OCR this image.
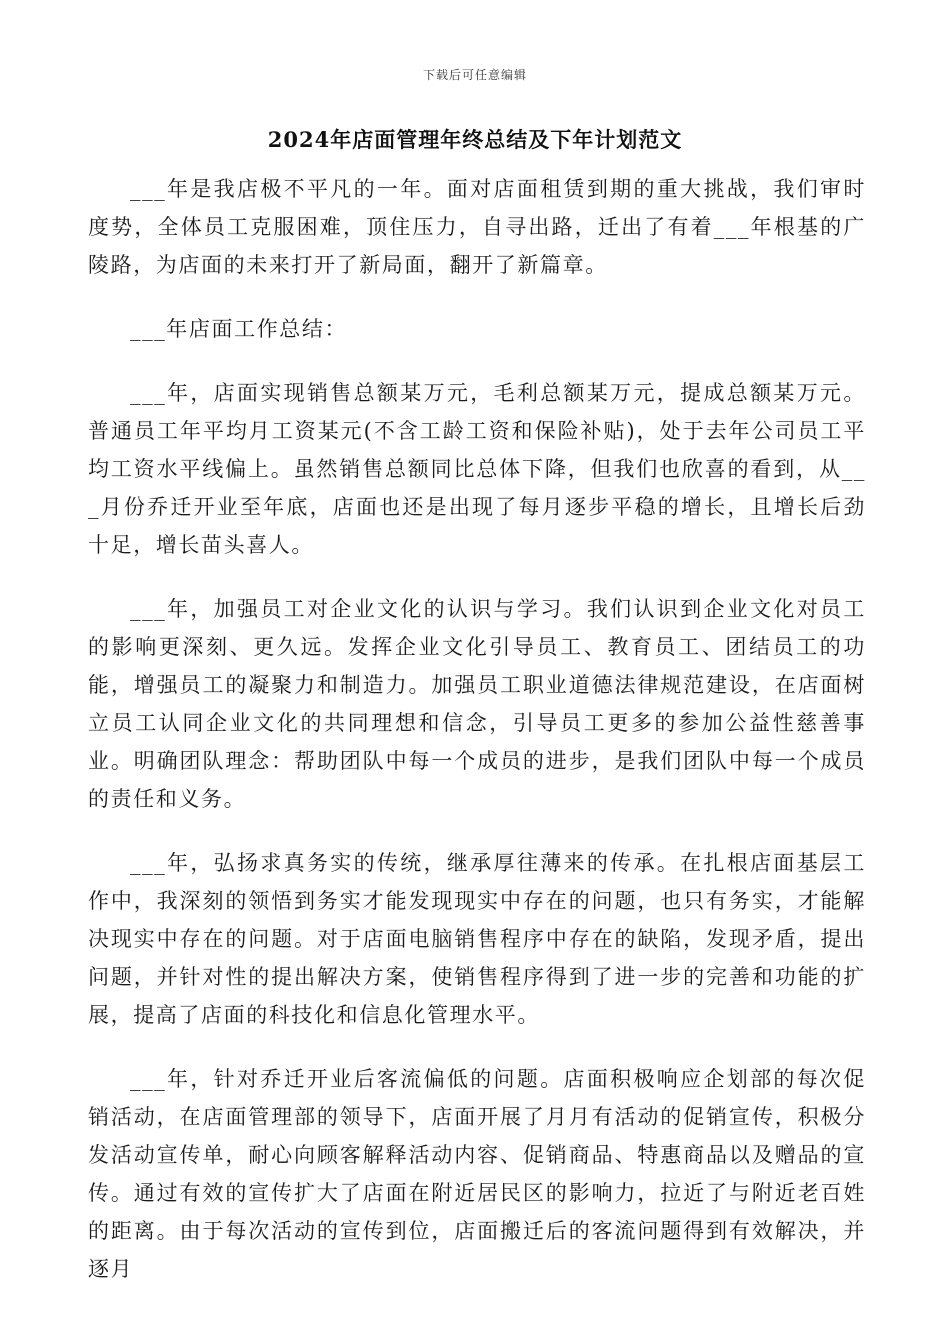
下载后可任意编辑
2024年店面管理年终总结及下年计划范文

___年是我店极不平凡的一年。面对店面租赁到期的重大挑战，我们审时度势，全体员工克服困难，顶住压力，自寻出路，迁出了有着___年根基的广陵路，为店面的未来打开了新局面，翻开了新篇章。

___年店面工作总结：

___年，店面实现销售总额某万元，毛利总额某万元，提成总额某万元。普通员工年平均月工资某元(不含工龄工资和保险补贴)，处于去年公司员工平均工资水平线偏上。虽然销售总额同比总体下降，但我们也欣喜的看到，从___月份乔迁开业至年底，店面也还是出现了每月逐步平稳的增长，且增长后劲十足，增长苗头喜人。

___年，加强员工对企业文化的认识与学习。我们认识到企业文化对员工的影响更深刻、更久远。发挥企业文化引导员工、教育员工、团结员工的功能，增强员工的凝聚力和制造力。加强员工职业道德法律规范建设，在店面树立员工认同企业文化的共同理想和信念，引导员工更多的参加公益性慈善事业。明确团队理念：帮助团队中每一个成员的进步，是我们团队中每一个成员的责任和义务。

___年，弘扬求真务实的传统，继承厚往薄来的传承。在扎根店面基层工作中，我深刻的领悟到务实才能发现现实中存在的问题，也只有务实，才能解决现实中存在的问题。对于店面电脑销售程序中存在的缺陷，发现矛盾，提出问题，并针对性的提出解决方案，使销售程序得到了进一步的完善和功能的扩展，提高了店面的科技化和信息化管理水平。

___年，针对乔迁开业后客流偏低的问题。店面积极响应企划部的每次促销活动，在店面管理部的领导下，店面开展了月月有活动的促销宣传，积极分发活动宣传单，耐心向顾客解释活动内容、促销商品、特惠商品以及赠品的宣传。通过有效的宣传扩大了店面在附近居民区的影响力，拉近了与附近老百姓的距离。由于每次活动的宣传到位，店面搬迁后的客流问题得到有效解决，并逐月
